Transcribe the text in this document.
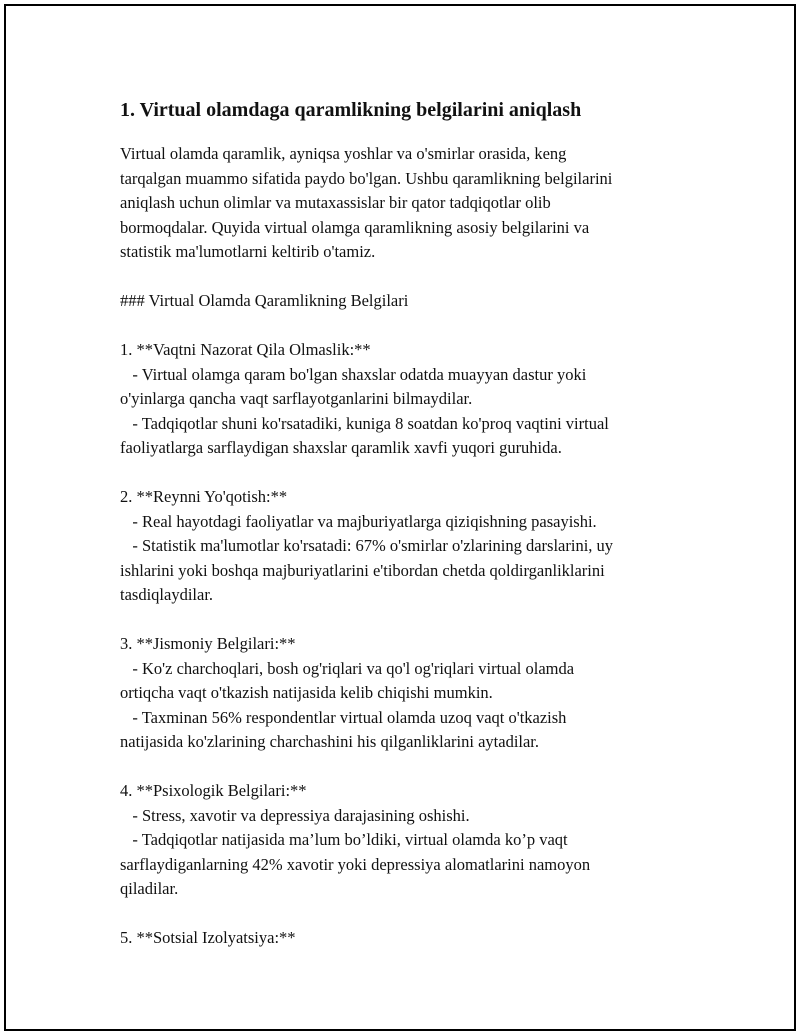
1. Virtual olamdaga qaramlikning belgilarini aniqlash

Virtual olamda qaramlik, ayniqsa yoshlar va o'smirlar orasida, keng
tarqalgan muammo sifatida paydo bo'lgan. Ushbu qaramlikning belgilarini
aniqlash uchun olimlar va mutaxassislar bir qator tadqiqotlar olib
bormoqdalar. Quyida virtual olamga qaramlikning asosiy belgilarini va
statistik ma'lumotlarni keltirib o'tamiz.

### Virtual Olamda Qaramlikning Belgilari

1. **Vaqtni Nazorat Qila Olmaslik:**
- Virtual olamga qaram bo'lgan shaxslar odatda muayyan dastur yoki
o'yinlarga qancha vaqt sarflayotganlarini bilmaydilar.
- Tadqiqotlar shuni ko'rsatadiki, kuniga 8 soatdan ko'proq vaqtini virtual
faoliyatlarga sarflaydigan shaxslar qaramlik xavfi yuqori guruhida.

2. **Reynni Yo'qotish:**
- Real hayotdagi faoliyatlar va majburiyatlarga qiziqishning pasayishi.
- Statistik ma'lumotlar ko'rsatadi: 67% o'smirlar o'zlarining darslarini, uy
ishlarini yoki boshqa majburiyatlarini e'tibordan chetda qoldirganliklarini
tasdiqlaydilar.

3. **Jismoniy Belgilari:**
- Ko'z charchoqlari, bosh og'riqlari va qo'l og'riqlari virtual olamda
ortiqcha vaqt o'tkazish natijasida kelib chiqishi mumkin.
- Taxminan 56% respondentlar virtual olamda uzoq vaqt o'tkazish
natijasida ko'zlarining charchashini his qilganliklarini aytadilar.

4. **Psixologik Belgilari:**
- Stress, xavotir va depressiya darajasining oshishi.
- Tadqiqotlar natijasida ma’lum bo’ldiki, virtual olamda ko’p vaqt
sarflaydiganlarning 42% xavotir yoki depressiya alomatlarini namoyon
qiladilar.

5. **Sotsial Izolyatsiya:**
